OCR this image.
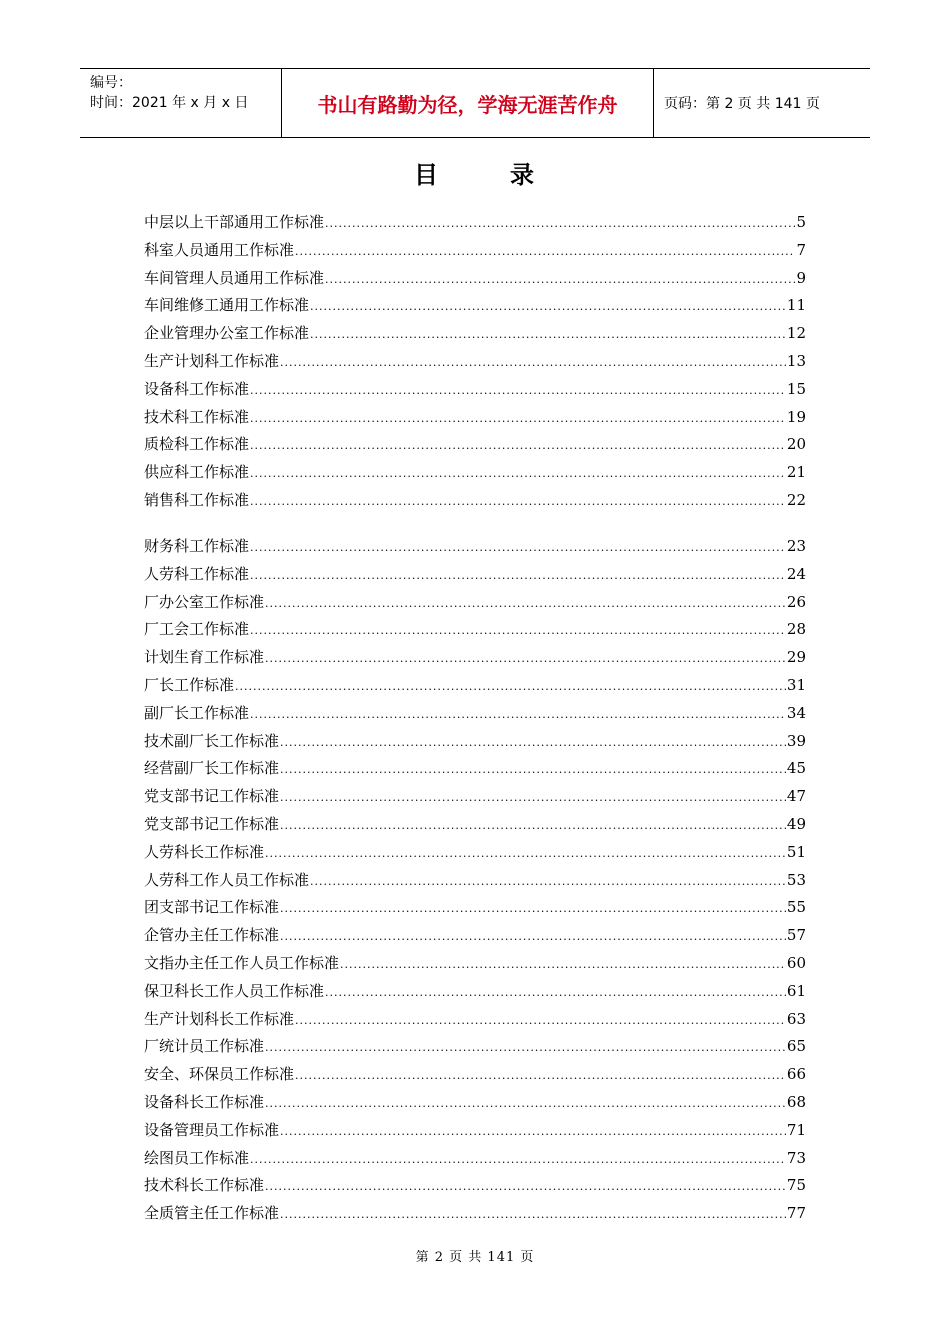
编号：
时间：2021 年 x 月 x 日	书山有路勤为径，学海无涯苦作舟	页码：第 2 页 共 141 页
目	录
中层以上干部通用工作标准 .....	5
科室人员通用工作标准 .....	7
车间管理人员通用工作标准 .....	9
车间维修工通用工作标准 .....	11
企业管理办公室工作标准 .....	12
生产计划科工作标准 .....	13
设备科工作标准 .....	15
技术科工作标准 .....	19
质检科工作标准 .....	20
供应科工作标准 .....	21
销售科工作标准 .....	22
财务科工作标准 .....	23
人劳科工作标准 .....	24
厂办公室工作标准 .....	26
厂工会工作标准 .....	28
计划生育工作标准 .....	29
厂长工作标准 .....	31
副厂长工作标准 .....	34
技术副厂长工作标准 .....	39
经营副厂长工作标准 .....	45
党支部书记工作标准 .....	47
党支部书记工作标准 .....	49
人劳科长工作标准 .....	51
人劳科工作人员工作标准 .....	53
团支部书记工作标准 .....	55
企管办主任工作标准 .....	57
文指办主任工作人员工作标准 .....	60
保卫科长工作人员工作标准 .....	61
生产计划科长工作标准 .....	63
厂统计员工作标准 .....	65
安全、环保员工作标准 .....	66
设备科长工作标准 .....	68
设备管理员工作标准 .....	71
绘图员工作标准 .....	73
技术科长工作标准 .....	75
全质管主任工作标准 .....	77
第 2 页 共 141 页
